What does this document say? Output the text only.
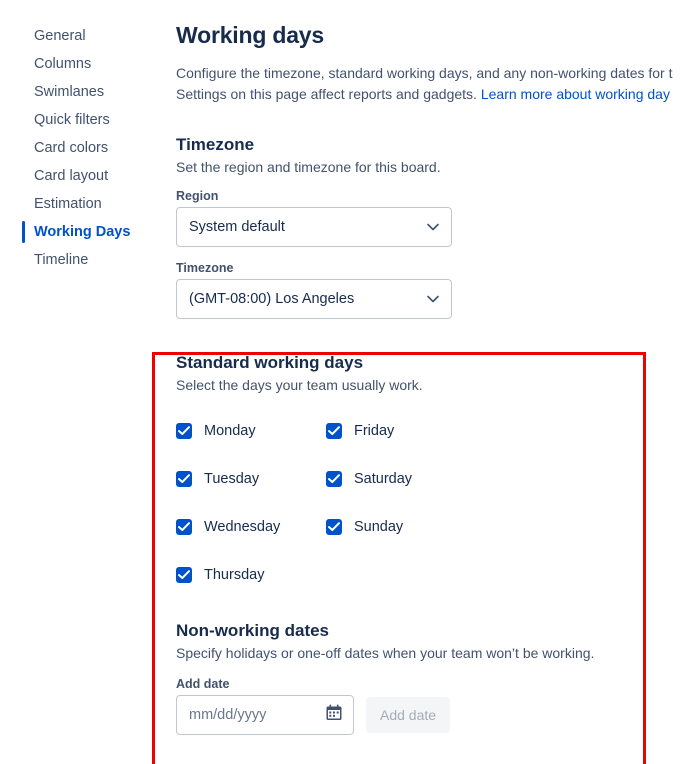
General
Columns
Swimlanes
Quick filters
Card colors
Card layout
Estimation
Working Days
Timeline
Working days

Configure the timezone, standard working days, and any non-working dates for t
Settings on this page affect reports and gadgets. Learn more about working day

Timezone

Set the region and timezone for this board.

Region

System default

Timezone

(GMT-08:00) Los Angeles
Standard working days

Select the days your team usually work.

Monday	Friday
Tuesday	Saturday
Wednesday	Sunday
Thursday
Non-working dates

Specify holidays or one-off dates when your team won’t be working.

Add date

mm/dd/yyyy
Add date
